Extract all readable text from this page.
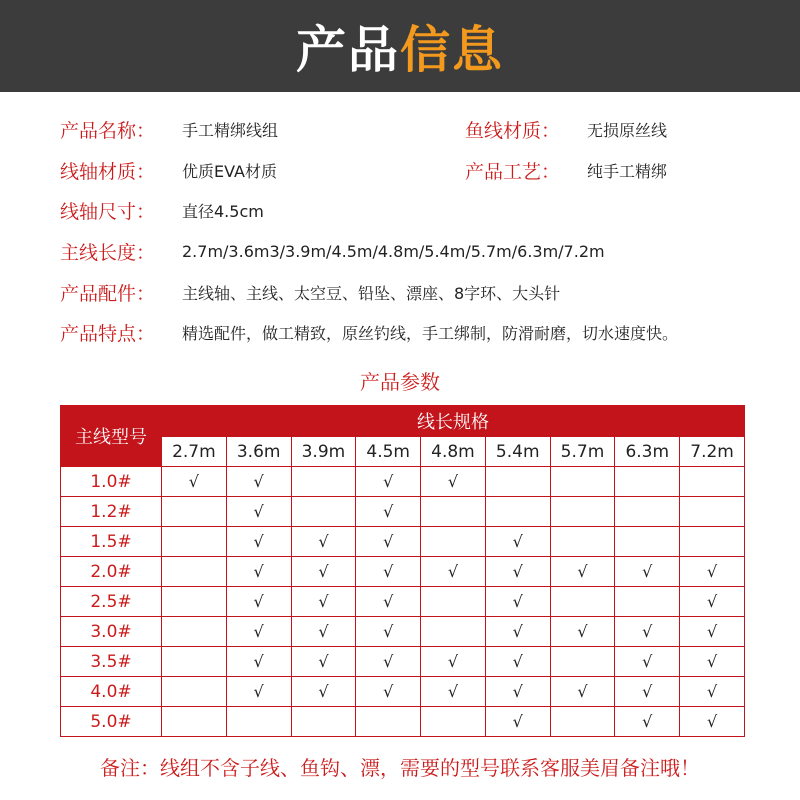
产品 信息
产品名称：	手工精绑线组	鱼线材质：	无损原丝线
线轴材质：	优质EVA材质	产品工艺：	纯手工精绑
线轴尺寸：	直径4.5cm
主线长度：	2.7m/3.6m3/3.9m/4.5m/4.8m/5.4m/5.7m/6.3m/7.2m
产品配件：	主线轴、主线、太空豆、铅坠、漂座、8字环、大头针
产品特点：	精选配件，做工精致，原丝钓线，手工绑制，防滑耐磨，切水速度快。
产品参数
主线型号	线长规格								
	2.7m	3.6m	3.9m	4.5m	4.8m	5.4m	5.7m	6.3m	7.2m
1.0#	√	√		√	√				
1.2#		√		√					
1.5#		√	√	√		√			
2.0#		√	√	√	√	√	√	√	√
2.5#		√	√	√		√			√
3.0#		√	√	√		√	√	√	√
3.5#		√	√	√	√	√		√	√
4.0#		√	√	√	√	√	√	√	√
5.0#						√		√	√
备注：线组不含子线、鱼钩、漂，需要的型号联系客服美眉备注哦！
